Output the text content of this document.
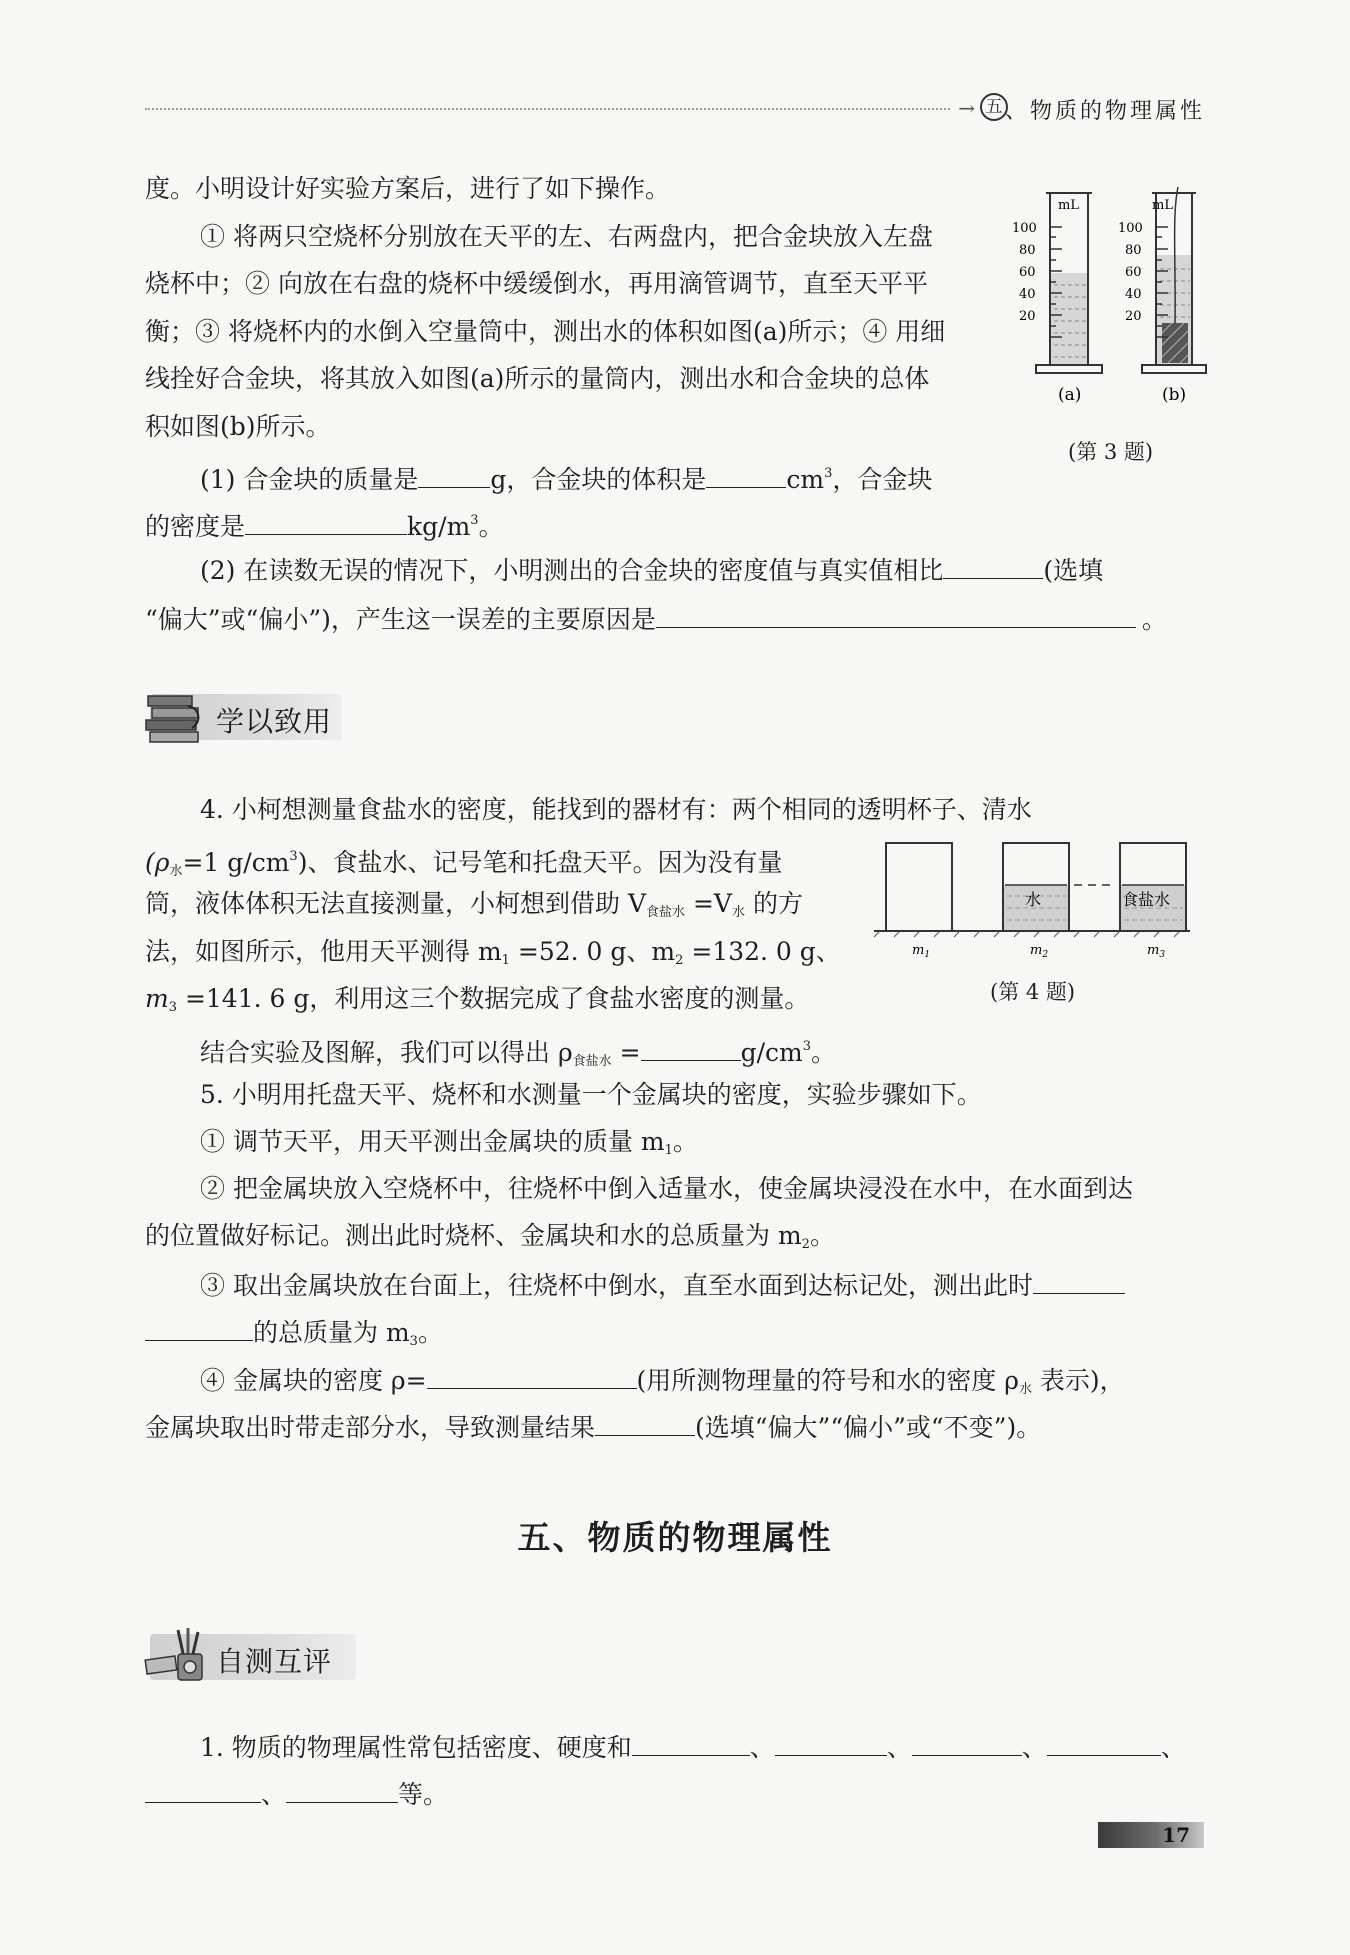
→ 五 、物质的物理属性
度。小明设计好实验方案后，进行了如下操作。
① 将两只空烧杯分别放在天平的左、右两盘内，把合金块放入左盘
烧杯中；② 向放在右盘的烧杯中缓缓倒水，再用滴管调节，直至天平平
衡；③ 将烧杯内的水倒入空量筒中，测出水的体积如图(a)所示；④ 用细
线拴好合金块，将其放入如图(a)所示的量筒内，测出水和合金块的总体
积如图(b)所示。
mL
100
80
60
40
20
(a)
mL
100
80
60
40
20
(b)
(第 3 题)
(1) 合金块的质量是	g，合金块的体积是	$cm^3$，合金块
的密度是	$kg/m^3$。
(2) 在读数无误的情况下，小明测出的合金块的密度值与真实值相比	(选填
“偏大”或“偏小”)，产生这一误差的主要原因是	。
学以致用
4. 小柯想测量食盐水的密度，能找到的器材有：两个相同的透明杯子、清水
($\rho_水=1$ $g/cm^3$)、食盐水、记号笔和托盘天平。因为没有量
筒，液体体积无法直接测量，小柯想到借助 $V_{食盐水} =V_水$ 的方
法，如图所示，他用天平测得 $m_1 =52$. 0 g、$m_2 =132$. 0 g、
$m_3 =141$. 6 g，利用这三个数据完成了食盐水密度的测量。
结合实验及图解，我们可以得出 $\rho_{食盐水}$ =	$g/cm^3$。
水	食盐水
$m_1$	$m_2$	$m_3$
(第 4 题)
5. 小明用托盘天平、烧杯和水测量一个金属块的密度，实验步骤如下。
① 调节天平，用天平测出金属块的质量 $m_1$。
② 把金属块放入空烧杯中，往烧杯中倒入适量水，使金属块浸没在水中，在水面到达
的位置做好标记。测出此时烧杯、金属块和水的总质量为 $m_2$。
③ 取出金属块放在台面上，往烧杯中倒水，直至水面到达标记处，测出此时
的总质量为 $m_3$。
④ 金属块的密度 ρ=	(用所测物理量的符号和水的密度 $\rho_水$ 表示)，
金属块取出时带走部分水，导致测量结果	(选填“偏大”“偏小”或“不变”)。
五、物质的物理属性
自测互评
1. 物质的物理属性常包括密度、硬度和	、	、	、	、
、	等。
17
